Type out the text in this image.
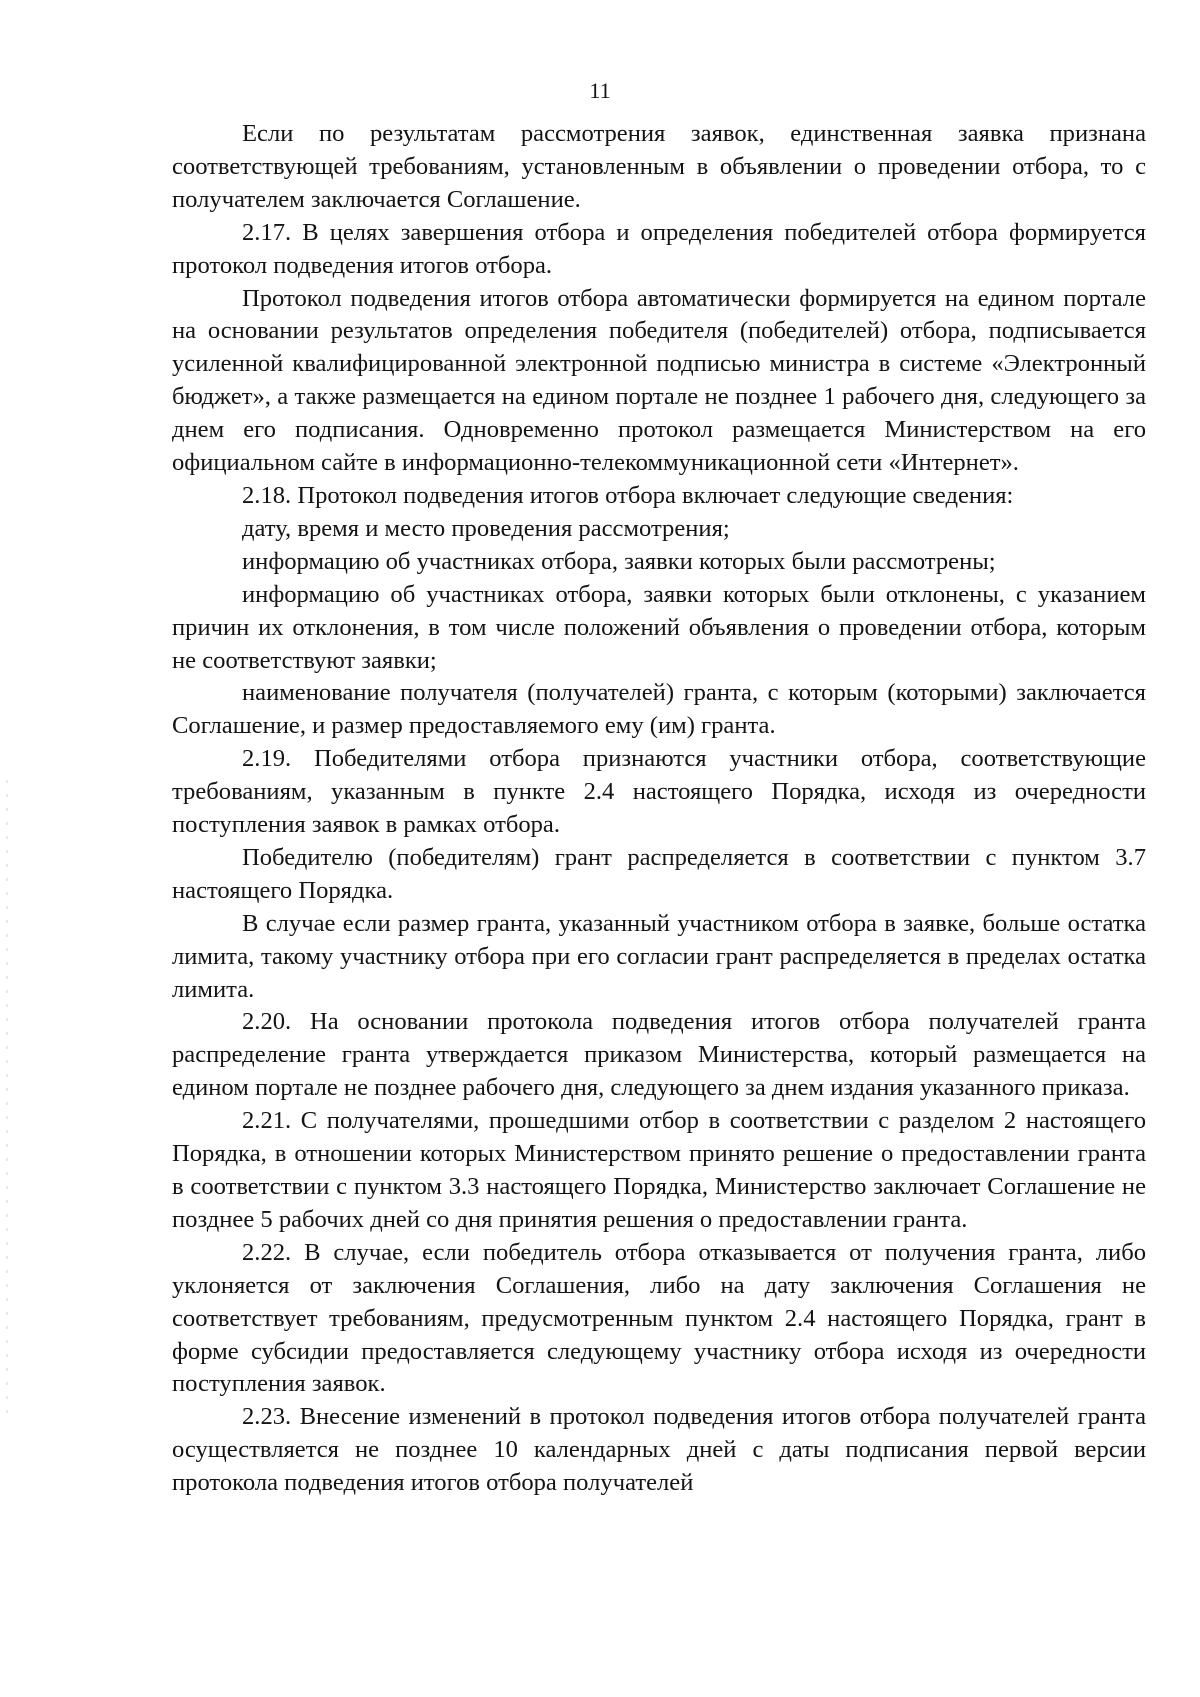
11

Если по результатам рассмотрения заявок, единственная заявка признана соответствующей требованиям, установленным в объявлении о проведении отбора, то с получателем заключается Соглашение.

2.17. В целях завершения отбора и определения победителей отбора формируется протокол подведения итогов отбора.

Протокол подведения итогов отбора автоматически формируется на едином портале на основании результатов определения победителя (победителей) отбора, подписывается усиленной квалифицированной электронной подписью министра в системе «Электронный бюджет», а также размещается на едином портале не позднее 1 рабочего дня, следующего за днем его подписания. Одновременно протокол размещается Министерством на его официальном сайте в информационно-телекоммуникационной сети «Интернет».

2.18. Протокол подведения итогов отбора включает следующие сведения:

дату, время и место проведения рассмотрения;

информацию об участниках отбора, заявки которых были рассмотрены;

информацию об участниках отбора, заявки которых были отклонены, с указанием причин их отклонения, в том числе положений объявления о проведении отбора, которым не соответствуют заявки;

наименование получателя (получателей) гранта, с которым (которыми) заключается Соглашение, и размер предоставляемого ему (им) гранта.

2.19. Победителями отбора признаются участники отбора, соответствующие требованиям, указанным в пункте 2.4 настоящего Порядка, исходя из очередности поступления заявок в рамках отбора.

Победителю (победителям) грант распределяется в соответствии с пунктом 3.7 настоящего Порядка.

В случае если размер гранта, указанный участником отбора в заявке, больше остатка лимита, такому участнику отбора при его согласии грант распределяется в пределах остатка лимита.

2.20. На основании протокола подведения итогов отбора получателей гранта распределение гранта утверждается приказом Министерства, который размещается на едином портале не позднее рабочего дня, следующего за днем издания указанного приказа.

2.21. С получателями, прошедшими отбор в соответствии с разделом 2 настоящего Порядка, в отношении которых Министерством принято решение о предоставлении гранта в соответствии с пунктом 3.3 настоящего Порядка, Министерство заключает Соглашение не позднее 5 рабочих дней со дня принятия решения о предоставлении гранта.

2.22. В случае, если победитель отбора отказывается от получения гранта, либо уклоняется от заключения Соглашения, либо на дату заключения Соглашения не соответствует требованиям, предусмотренным пунктом 2.4 настоящего Порядка, грант в форме субсидии предоставляется следующему участнику отбора исходя из очередности поступления заявок.

2.23. Внесение изменений в протокол подведения итогов отбора получателей гранта осуществляется не позднее 10 календарных дней с даты подписания первой версии протокола подведения итогов отбора получателей
